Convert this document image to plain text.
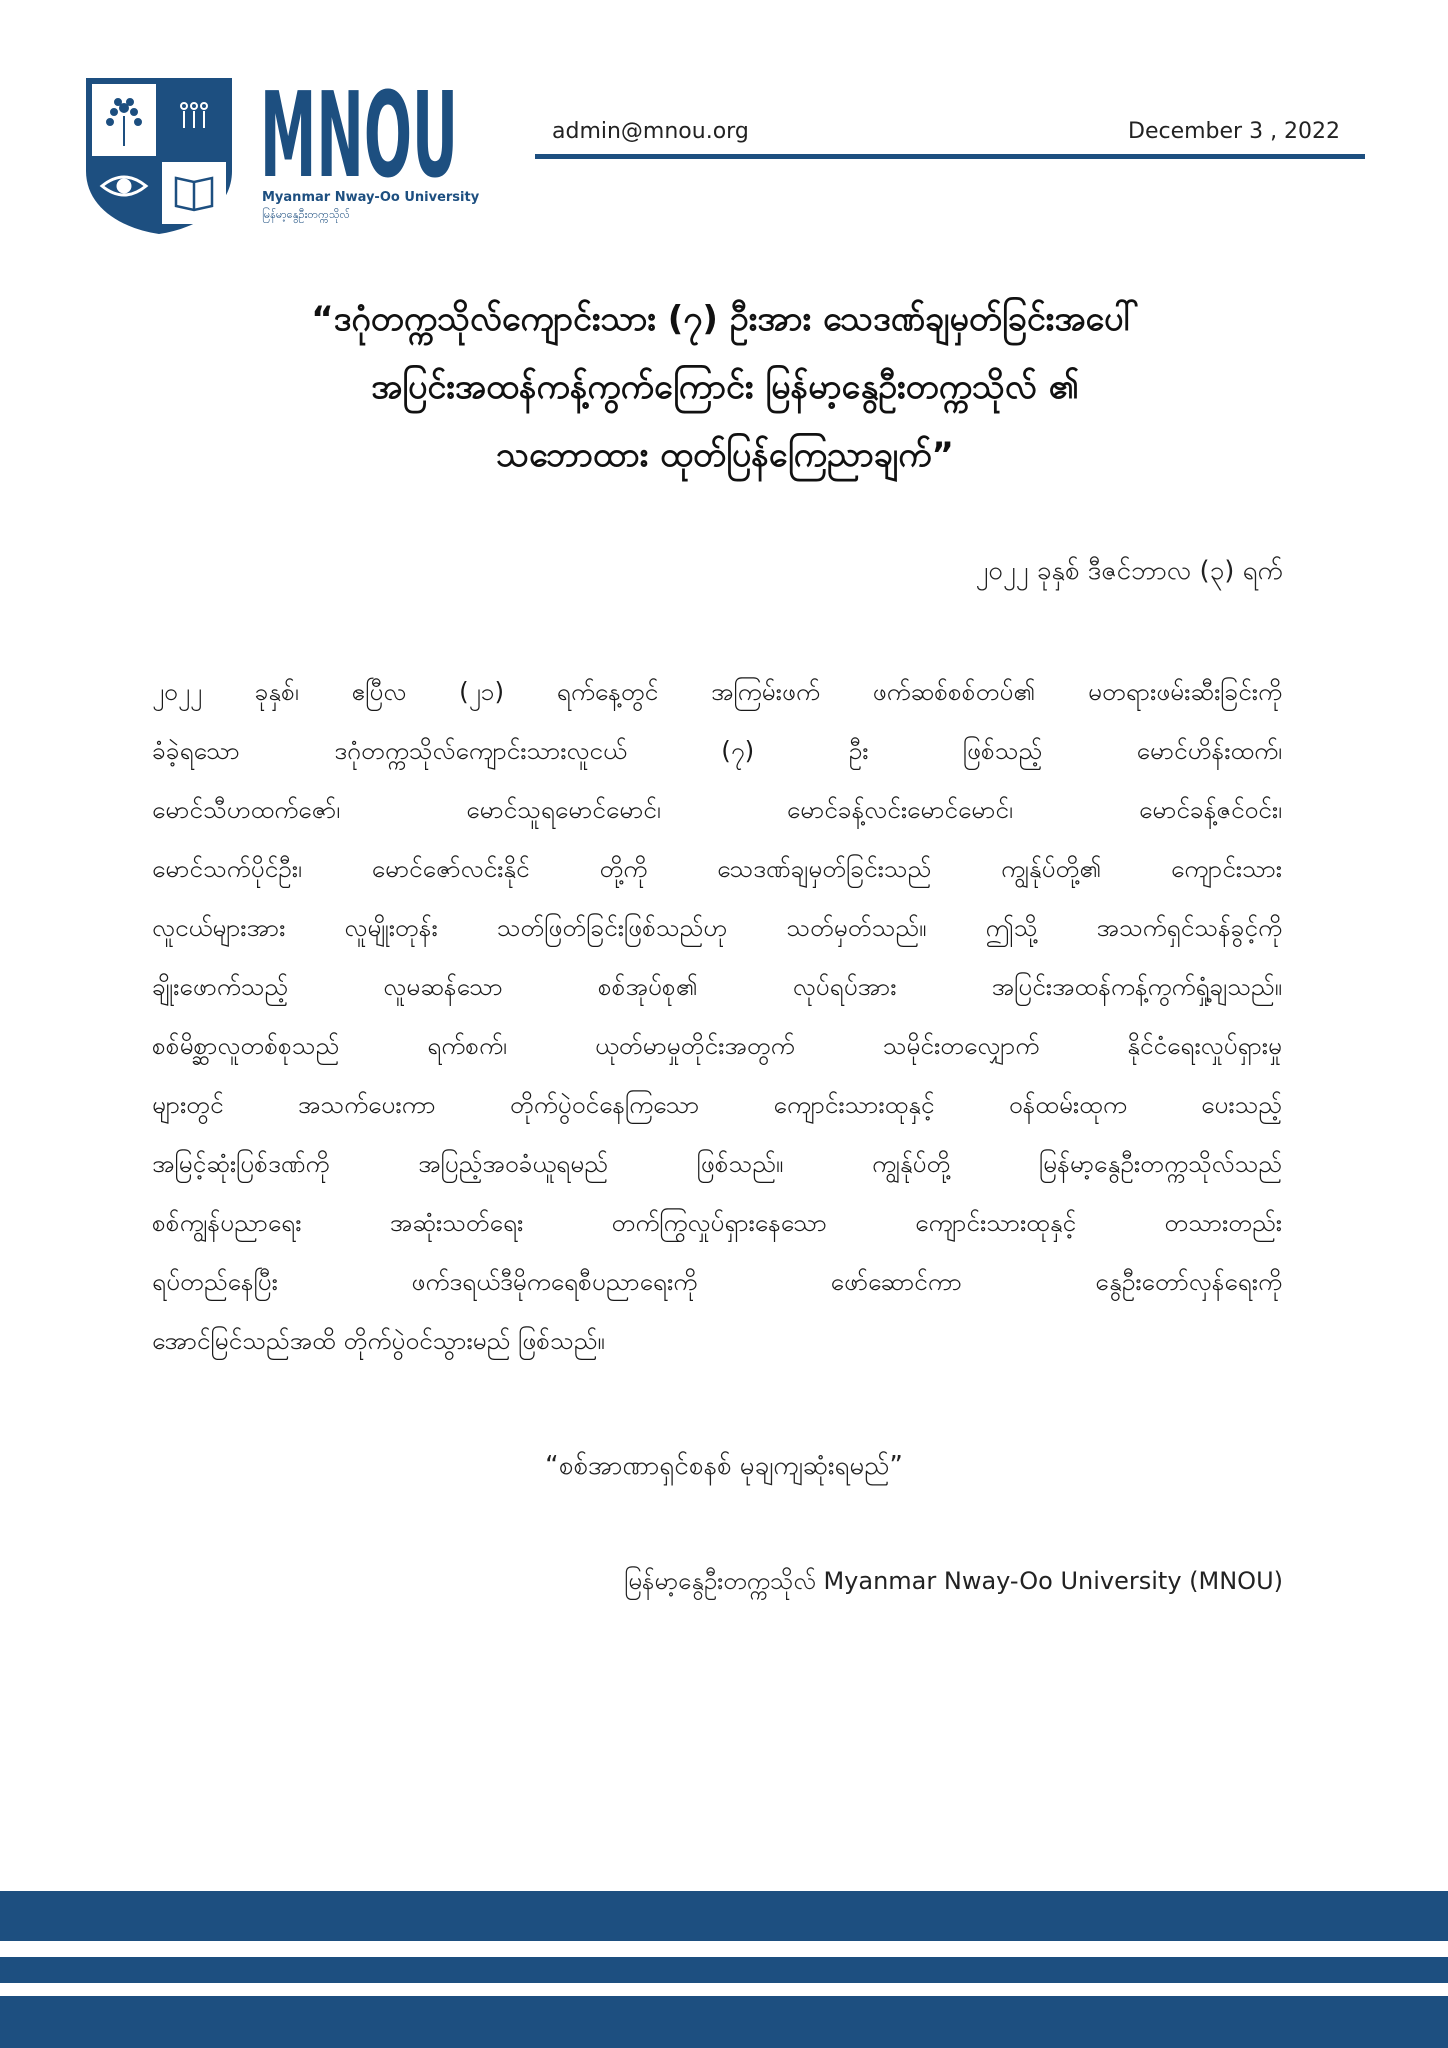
MNOU
Myanmar Nway-Oo University
မြန်မာ့နွေဦးတက္ကသိုလ်
admin@mnou.org	December 3 , 2022
“ဒဂုံတက္ကသိုလ်ကျောင်းသား (၇) ဦးအား သေဒဏ်ချမှတ်ခြင်းအပေါ်
အပြင်းအထန်ကန့်ကွက်ကြောင်း မြန်မာ့နွေဦးတက္ကသိုလ် ၏
သဘောထား ထုတ်ပြန်ကြေညာချက်”
၂၀၂၂ ခုနှစ် ဒီဇင်ဘာလ (၃) ရက်
၂၀၂၂ ခုနှစ်၊ ဧပြီလ (၂၁) ရက်နေ့တွင် အကြမ်းဖက် ဖက်ဆစ်စစ်တပ်၏ မတရားဖမ်းဆီးခြင်းကို
ခံခဲ့ရသော ဒဂုံတက္ကသိုလ်ကျောင်းသားလူငယ် (၇) ဦး ဖြစ်သည့် မောင်ဟိန်းထက်၊
မောင်သီဟထက်ဇော်၊ မောင်သူရမောင်မောင်၊ မောင်ခန့်လင်းမောင်မောင်၊ မောင်ခန့်ဇင်ဝင်း၊
မောင်သက်ပိုင်ဦး၊ မောင်ဇော်လင်းနိုင် တို့ကို သေဒဏ်ချမှတ်ခြင်းသည် ကျွန်ုပ်တို့၏ ကျောင်းသား
လူငယ်များအား လူမျိုးတုန်း သတ်ဖြတ်ခြင်းဖြစ်သည်ဟု သတ်မှတ်သည်။ ဤသို့ အသက်ရှင်သန်ခွင့်ကို
ချိုးဖောက်သည့် လူမဆန်သော စစ်အုပ်စု၏ လုပ်ရပ်အား အပြင်းအထန်ကန့်ကွက်ရှုံ့ချသည်။
စစ်မိစ္ဆာလူတစ်စုသည် ရက်စက်၊ ယုတ်မာမှုတိုင်းအတွက် သမိုင်းတလျှောက် နိုင်ငံရေးလှုပ်ရှားမှု
များတွင် အသက်ပေးကာ တိုက်ပွဲဝင်နေကြသော ကျောင်းသားထုနှင့် ဝန်ထမ်းထုက ပေးသည့်
အမြင့်ဆုံးပြစ်ဒဏ်ကို အပြည့်အဝခံယူရမည် ဖြစ်သည်။ ကျွန်ုပ်တို့ မြန်မာ့နွေဦးတက္ကသိုလ်သည်
စစ်ကျွန်ပညာရေး အဆုံးသတ်ရေး တက်ကြွလှုပ်ရှားနေသော ကျောင်းသားထုနှင့် တသားတည်း
ရပ်တည်နေပြီး ဖက်ဒရယ်ဒီမိုကရေစီပညာရေးကို ဖော်ဆောင်ကာ နွေဦးတော်လှန်ရေးကို
အောင်မြင်သည်အထိ တိုက်ပွဲဝင်သွားမည် ဖြစ်သည်။
“စစ်အာဏာရှင်စနစ် မုချကျဆုံးရမည်”
မြန်မာ့နွေဦးတက္ကသိုလ် Myanmar Nway-Oo University (MNOU)
